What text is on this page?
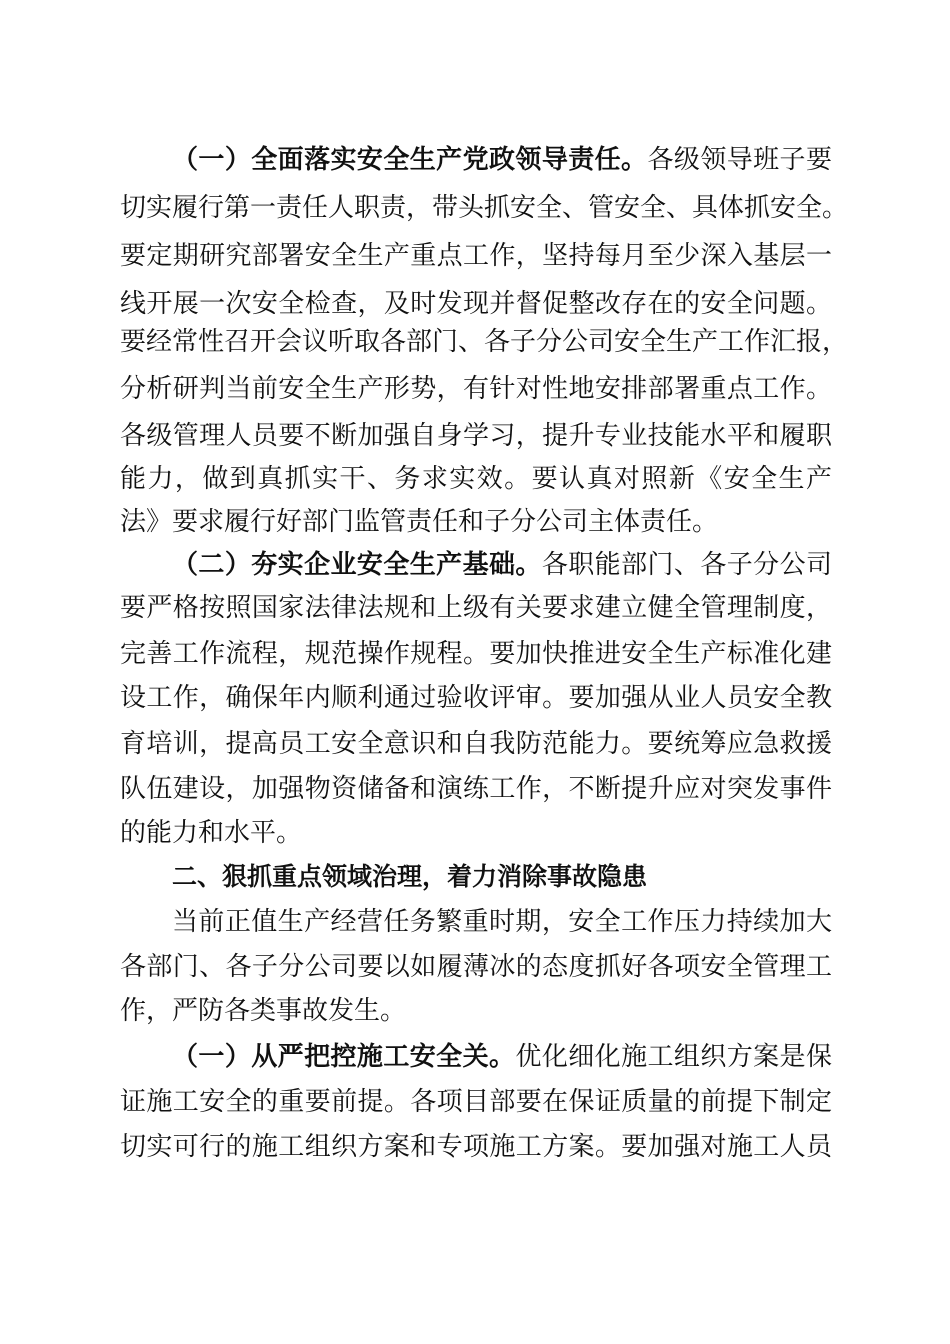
（一）全面落实安全生产党政领导责任。各级领导班子要
切实履行第一责任人职责，带头抓安全、管安全、具体抓安全。
要定期研究部署安全生产重点工作，坚持每月至少深入基层一
线开展一次安全检查，及时发现并督促整改存在的安全问题。
要经常性召开会议听取各部门、各子分公司安全生产工作汇报，
分析研判当前安全生产形势，有针对性地安排部署重点工作。
各级管理人员要不断加强自身学习，提升专业技能水平和履职
能力，做到真抓实干、务求实效。要认真对照新《安全生产
法》要求履行好部门监管责任和子分公司主体责任。
（二）夯实企业安全生产基础。各职能部门、各子分公司
要严格按照国家法律法规和上级有关要求建立健全管理制度，
完善工作流程，规范操作规程。要加快推进安全生产标准化建
设工作，确保年内顺利通过验收评审。要加强从业人员安全教
育培训，提高员工安全意识和自我防范能力。要统筹应急救援
队伍建设，加强物资储备和演练工作，不断提升应对突发事件
的能力和水平。
二、狠抓重点领域治理，着力消除事故隐患
当前正值生产经营任务繁重时期，安全工作压力持续加大
各部门、各子分公司要以如履薄冰的态度抓好各项安全管理工
作，严防各类事故发生。
（一）从严把控施工安全关。优化细化施工组织方案是保
证施工安全的重要前提。各项目部要在保证质量的前提下制定
切实可行的施工组织方案和专项施工方案。要加强对施工人员
